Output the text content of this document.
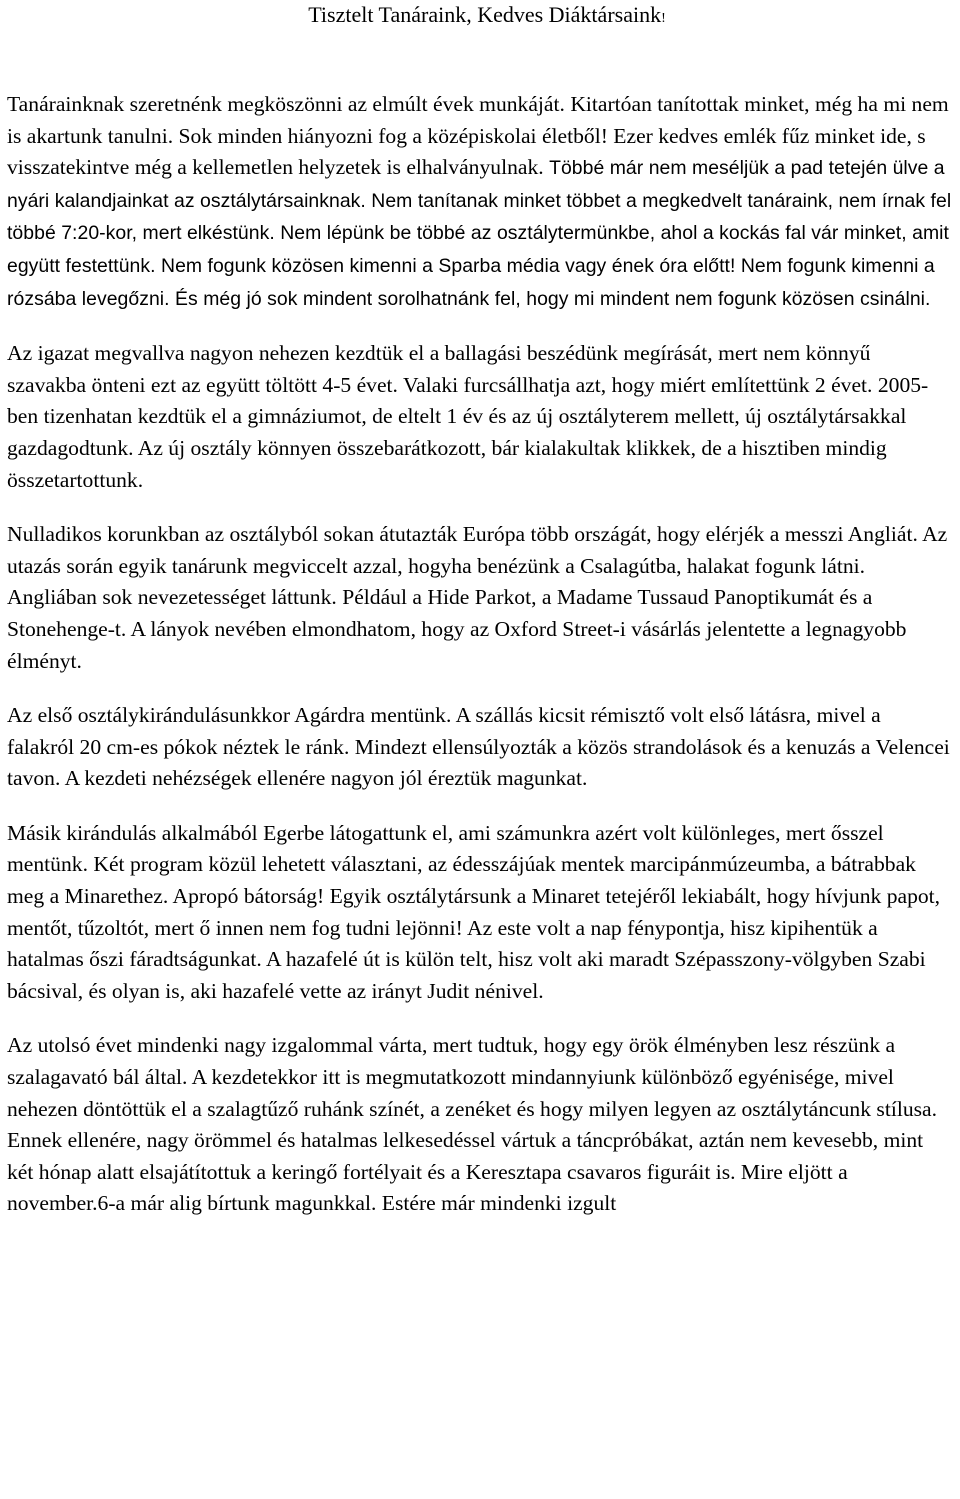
Tisztelt Tanáraink, Kedves Diáktársaink!

Tanárainknak szeretnénk megköszönni az elmúlt évek munkáját. Kitartóan tanítottak minket, még ha mi nem is akartunk tanulni. Sok minden hiányozni fog a középiskolai életből! Ezer kedves emlék fűz minket ide, s visszatekintve még a kellemetlen helyzetek is elhalványulnak. Többé már nem meséljük a pad tetején ülve a nyári kalandjainkat az osztálytársainknak. Nem tanítanak minket többet a megkedvelt tanáraink, nem írnak fel többé 7:20-kor, mert elkéstünk. Nem lépünk be többé az osztálytermünkbe, ahol a kockás fal vár minket, amit együtt festettünk. Nem fogunk közösen kimenni a Sparba média vagy ének óra előtt! Nem fogunk kimenni a rózsába levegőzni. És még jó sok mindent sorolhatnánk fel, hogy mi mindent nem fogunk közösen csinálni.

Az igazat megvallva nagyon nehezen kezdtük el a ballagási beszédünk megírását, mert nem könnyű szavakba önteni ezt az együtt töltött 4-5 évet. Valaki furcsállhatja azt, hogy miért említettünk 2 évet. 2005-ben tizenhatan kezdtük el a gimnáziumot, de eltelt 1 év és az új osztályterem mellett, új osztálytársakkal gazdagodtunk. Az új osztály könnyen összebarátkozott, bár kialakultak klikkek, de a hisztiben mindig összetartottunk.

Nulladikos korunkban az osztályból sokan átutazták Európa több országát, hogy elérjék a messzi Angliát. Az utazás során egyik tanárunk megviccelt azzal, hogyha benézünk a Csalagútba, halakat fogunk látni. Angliában sok nevezetességet láttunk. Például a Hide Parkot, a Madame Tussaud Panoptikumát és a Stonehenge-t. A lányok nevében elmondhatom, hogy az Oxford Street-i vásárlás jelentette a legnagyobb élményt.

Az első osztálykirándulásunkkor Agárdra mentünk. A szállás kicsit rémisztő volt első látásra, mivel a falakról 20 cm-es pókok néztek le ránk. Mindezt ellensúlyozták a közös strandolások és a kenuzás a Velencei tavon. A kezdeti nehézségek ellenére nagyon jól éreztük magunkat.

Másik kirándulás alkalmából Egerbe látogattunk el, ami számunkra azért volt különleges, mert ősszel mentünk. Két program közül lehetett választani, az édesszájúak mentek marcipánmúzeumba, a bátrabbak meg a Minarethez. Apropó bátorság! Egyik osztálytársunk a Minaret tetejéről lekiabált, hogy hívjunk papot, mentőt, tűzoltót, mert ő innen nem fog tudni lejönni! Az este volt a nap fénypontja, hisz kipihentük a hatalmas őszi fáradtságunkat. A hazafelé út is külön telt, hisz volt aki maradt Szépasszony-völgyben Szabi bácsival, és olyan is, aki hazafelé vette az irányt Judit nénivel.

Az utolsó évet mindenki nagy izgalommal várta, mert tudtuk, hogy egy örök élményben lesz részünk a szalagavató bál által. A kezdetekkor itt is megmutatkozott mindannyiunk különböző egyénisége, mivel nehezen döntöttük el a szalagtűző ruhánk színét, a zenéket és hogy milyen legyen az osztálytáncunk stílusa. Ennek ellenére, nagy örömmel és hatalmas lelkesedéssel vártuk a táncpróbákat, aztán nem kevesebb, mint két hónap alatt elsajátítottuk a keringő fortélyait és a Keresztapa csavaros figuráit is. Mire eljött a november.6-a már alig bírtunk magunkkal. Estére már mindenki izgult
